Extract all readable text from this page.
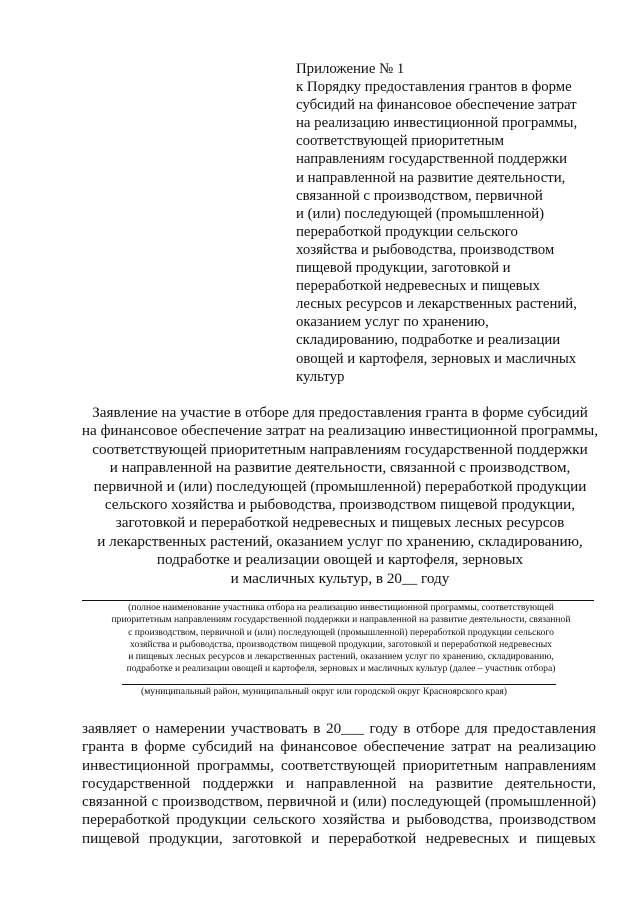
Приложение № 1
к Порядку предоставления грантов в форме
субсидий на финансовое обеспечение затрат
на реализацию инвестиционной программы,
соответствующей приоритетным
направлениям государственной поддержки
и направленной на развитие деятельности,
связанной с производством, первичной
и (или) последующей (промышленной)
переработкой продукции сельского
хозяйства и рыбоводства, производством
пищевой продукции, заготовкой и
переработкой недревесных и пищевых
лесных ресурсов и лекарственных растений,
оказанием услуг по хранению,
складированию, подработке и реализации
овощей и картофеля, зерновых и масличных
культур
Заявление на участие в отборе для предоставления гранта в форме субсидий
на финансовое обеспечение затрат на реализацию инвестиционной программы,
соответствующей приоритетным направлениям государственной поддержки
и направленной на развитие деятельности, связанной с производством,
первичной и (или) последующей (промышленной) переработкой продукции
сельского хозяйства и рыбоводства, производством пищевой продукции,
заготовкой и переработкой недревесных и пищевых лесных ресурсов
и лекарственных растений, оказанием услуг по хранению, складированию,
подработке и реализации овощей и картофеля, зерновых
и масличных культур, в 20__ году
(полное наименование участника отбора на реализацию инвестиционной программы, соответствующей
приоритетным направлениям государственной поддержки и направленной на развитие деятельности, связанной
с производством, первичной и (или) последующей (промышленной) переработкой продукции сельского
хозяйства и рыбоводства, производством пищевой продукции, заготовкой и переработкой недревесных
и пищевых лесных ресурсов и лекарственных растений, оказанием услуг по хранению, складированию,
подработке и реализации овощей и картофеля, зерновых и масличных культур (далее – участник отбора)
(муниципальный район, муниципальный округ или городской округ Красноярского края)
заявляет о намерении участвовать в 20___ году в отборе для предоставления
гранта в форме субсидий на финансовое обеспечение затрат на реализацию
инвестиционной программы, соответствующей приоритетным направлениям
государственной поддержки и направленной на развитие деятельности,
связанной с производством, первичной и (или) последующей (промышленной)
переработкой продукции сельского хозяйства и рыбоводства, производством
пищевой продукции, заготовкой и переработкой недревесных и пищевых
